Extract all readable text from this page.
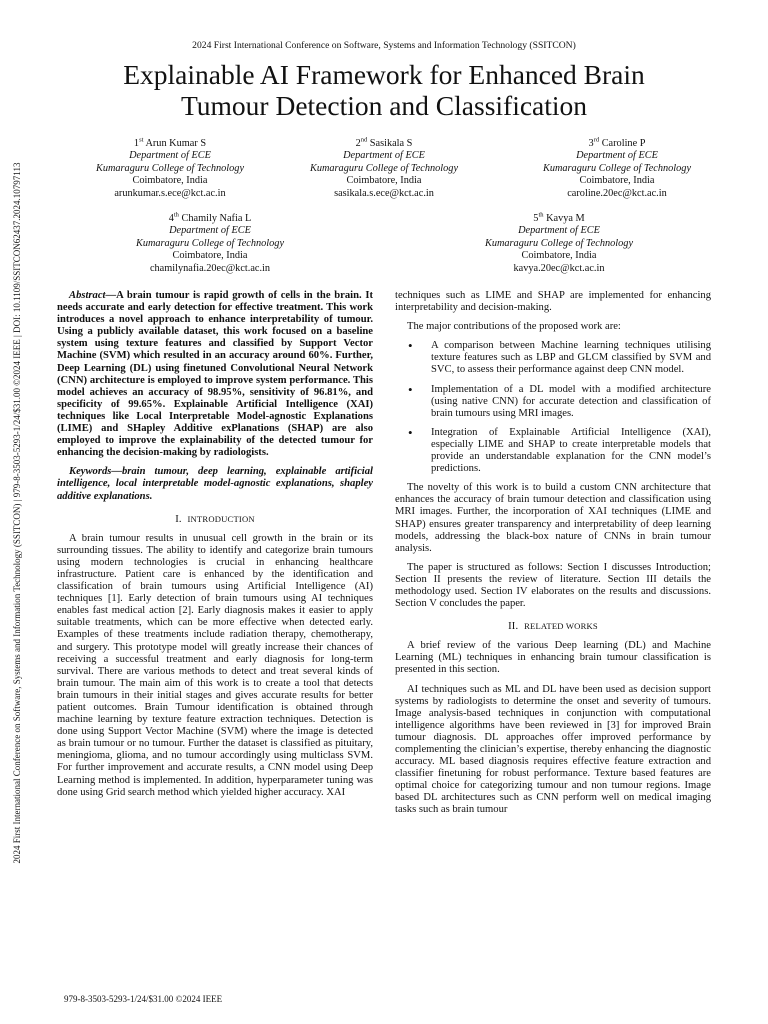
2024 First International Conference on Software, Systems and Information Technology (SSITCON)
Explainable AI Framework for Enhanced Brain
Tumour Detection and Classification
1st Arun Kumar S
Department of ECE
Kumaraguru College of Technology
Coimbatore, India
arunkumar.s.ece@kct.ac.in
2nd Sasikala S
Department of ECE
Kumaraguru College of Technology
Coimbatore, India
sasikala.s.ece@kct.ac.in
3rd Caroline P
Department of ECE
Kumaraguru College of Technology
Coimbatore, India
caroline.20ec@kct.ac.in
4th Chamily Nafia L
Department of ECE
Kumaraguru College of Technology
Coimbatore, India
chamilynafia.20ec@kct.ac.in
5th Kavya M
Department of ECE
Kumaraguru College of Technology
Coimbatore, India
kavya.20ec@kct.ac.in
2024 First International Conference on Software, Systems and Information Technology (SSITCON) | 979-8-3503-5293-1/24/$31.00 ©2024 IEEE | DOI: 10.1109/SSITCON62437.2024.10797113	Abstract—A brain tumour is rapid growth of cells in the brain. It needs accurate and early detection for effective treatment. This work introduces a novel approach to enhance interpretability of tumour. Using a publicly available dataset, this work focused on a baseline system using texture features and classified by Support Vector Machine (SVM) which resulted in an accuracy around 60%. Further, Deep Learning (DL) using finetuned Convolutional Neural Network (CNN) architecture is employed to improve system performance. This model achieves an accuracy of 98.95%, sensitivity of 96.81%, and specificity of 99.65%. Explainable Artificial Intelligence (XAI) techniques like Local Interpretable Model-agnostic Explanations (LIME) and SHapley Additive exPlanations (SHAP) are also employed to improve the explainability of the detected tumour for enhancing the decision-making by radiologists.

Keywords—brain tumour, deep learning, explainable artificial intelligence, local interpretable model-agnostic explanations, shapley additive explanations.

I. INTRODUCTION

A brain tumour results in unusual cell growth in the brain or its surrounding tissues. The ability to identify and categorize brain tumours using modern technologies is crucial in enhancing healthcare infrastructure. Patient care is enhanced by the identification and classification of brain tumours using Artificial Intelligence (AI) techniques [1]. Early detection of brain tumours using AI techniques enables fast medical action [2]. Early diagnosis makes it easier to apply suitable treatments, which can be more effective when detected early. Examples of these treatments include radiation therapy, chemotherapy, and surgery. This prototype model will greatly increase their chances of receiving a successful treatment and early diagnosis for long-term survival. There are various methods to detect and treat several kinds of brain tumour. The main aim of this work is to create a tool that detects brain tumours in their initial stages and gives accurate results for better patient outcomes. Brain Tumour identification is obtained through machine learning by texture feature extraction techniques. Detection is done using Support Vector Machine (SVM) where the image is detected as brain tumour or no tumour. Further the dataset is classified as pituitary, meningioma, glioma, and no tumour accordingly using multiclass SVM. For further improvement and accurate results, a CNN model using Deep Learning method is implemented. In addition, hyperparameter tuning was done using Grid search method which yielded higher accuracy. XAI

techniques such as LIME and SHAP are implemented for enhancing interpretability and decision-making.

The major contributions of the proposed work are:

• A comparison between Machine learning techniques utilising texture features such as LBP and GLCM classified by SVM and SVC, to assess their performance against deep CNN model.
• Implementation of a DL model with a modified architecture (using native CNN) for accurate detection and classification of brain tumours using MRI images.
• Integration of Explainable Artificial Intelligence (XAI), especially LIME and SHAP to create interpretable models that provide an understandable explanation for the CNN model’s predictions.

The novelty of this work is to build a custom CNN architecture that enhances the accuracy of brain tumour detection and classification using MRI images. Further, the incorporation of XAI techniques (LIME and SHAP) ensures greater transparency and interpretability of deep learning models, addressing the black-box nature of CNNs in brain tumour analysis.

The paper is structured as follows: Section I discusses Introduction; Section II presents the review of literature. Section III details the methodology used. Section IV elaborates on the results and discussions. Section V concludes the paper.

II. RELATED WORKS

A brief review of the various Deep learning (DL) and Machine Learning (ML) techniques in enhancing brain tumour classification is presented in this section.

AI techniques such as ML and DL have been used as decision support systems by radiologists to determine the onset and severity of tumours. Image analysis-based techniques in conjunction with computational intelligence algorithms have been reviewed in [3] for improved Brain tumour diagnosis. DL approaches offer improved performance by complementing the clinician’s expertise, thereby enhancing the diagnostic accuracy. ML based diagnosis requires effective feature extraction and classifier finetuning for robust performance. Texture based features are optimal choice for categorizing tumour and non tumour regions. Image based DL architectures such as CNN perform well on medical imaging tasks such as brain tumour

979-8-3503-5293-1/24/$31.00 ©2024 IEEE
